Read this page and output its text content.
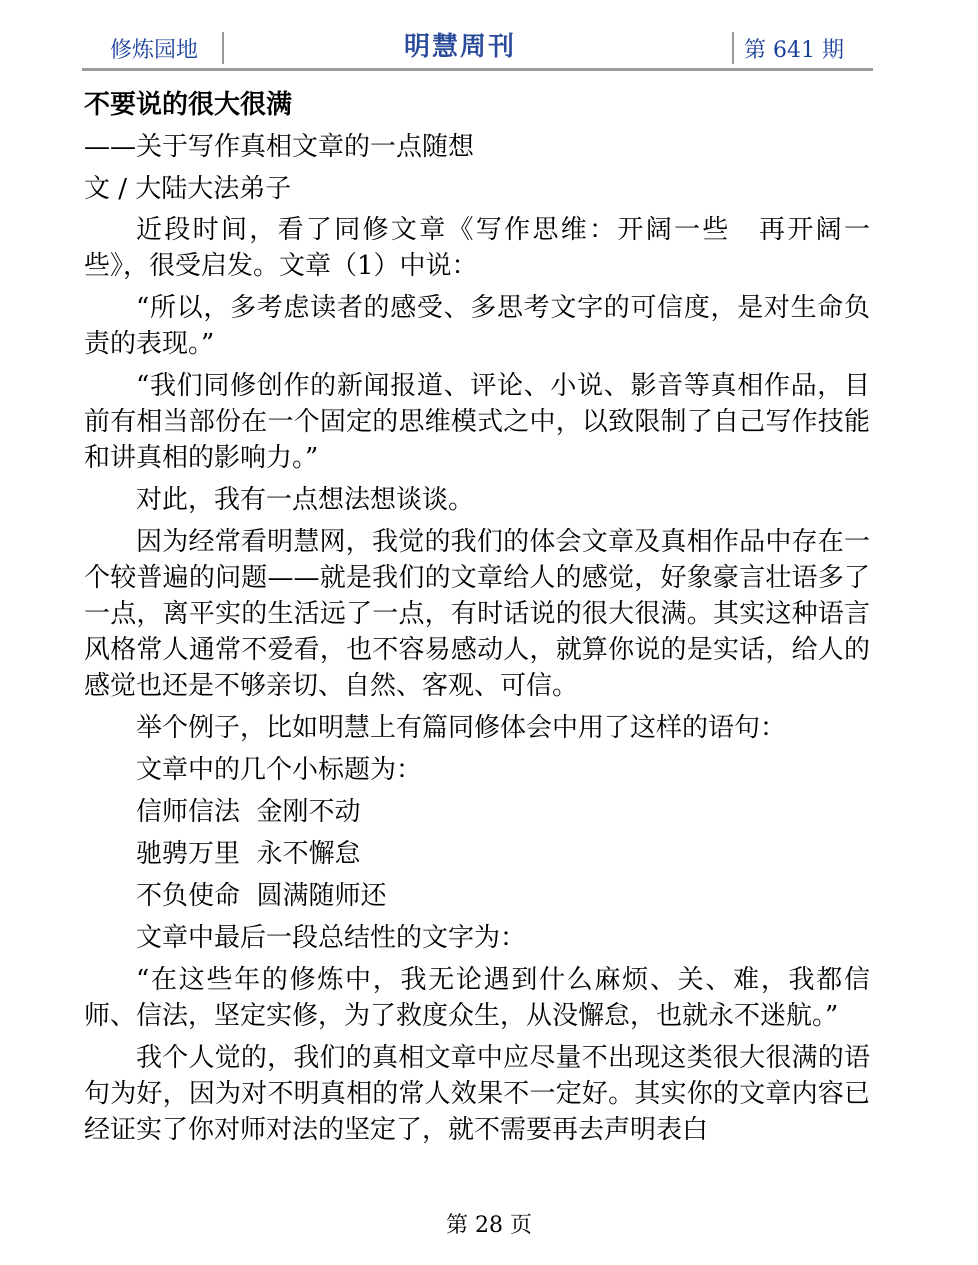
修炼园地	明慧周刊	第 641 期
不要说的很大很满
——关于写作真相文章的一点随想
文 / 大陆大法弟子

近段时间，看了同修文章《写作思维：开阔一些　再开阔一些》，很受启发。文章（1）中说：

“所以，多考虑读者的感受、多思考文字的可信度，是对生命负责的表现。”

“我们同修创作的新闻报道、评论、小说、影音等真相作品，目前有相当部份在一个固定的思维模式之中，以致限制了自己写作技能和讲真相的影响力。”

对此，我有一点想法想谈谈。

因为经常看明慧网，我觉的我们的体会文章及真相作品中存在一个较普遍的问题——就是我们的文章给人的感觉，好象豪言壮语多了一点，离平实的生活远了一点，有时话说的很大很满。其实这种语言风格常人通常不爱看，也不容易感动人，就算你说的是实话，给人的感觉也还是不够亲切、自然、客观、可信。

举个例子，比如明慧上有篇同修体会中用了这样的语句：

文章中的几个小标题为：

信师信法  金刚不动

驰骋万里  永不懈怠

不负使命  圆满随师还

文章中最后一段总结性的文字为：

“在这些年的修炼中，我无论遇到什么麻烦、关、难，我都信师、信法，坚定实修，为了救度众生，从没懈怠，也就永不迷航。”

我个人觉的，我们的真相文章中应尽量不出现这类很大很满的语句为好，因为对不明真相的常人效果不一定好。其实你的文章内容已经证实了你对师对法的坚定了，就不需要再去声明表白

第 28 页
